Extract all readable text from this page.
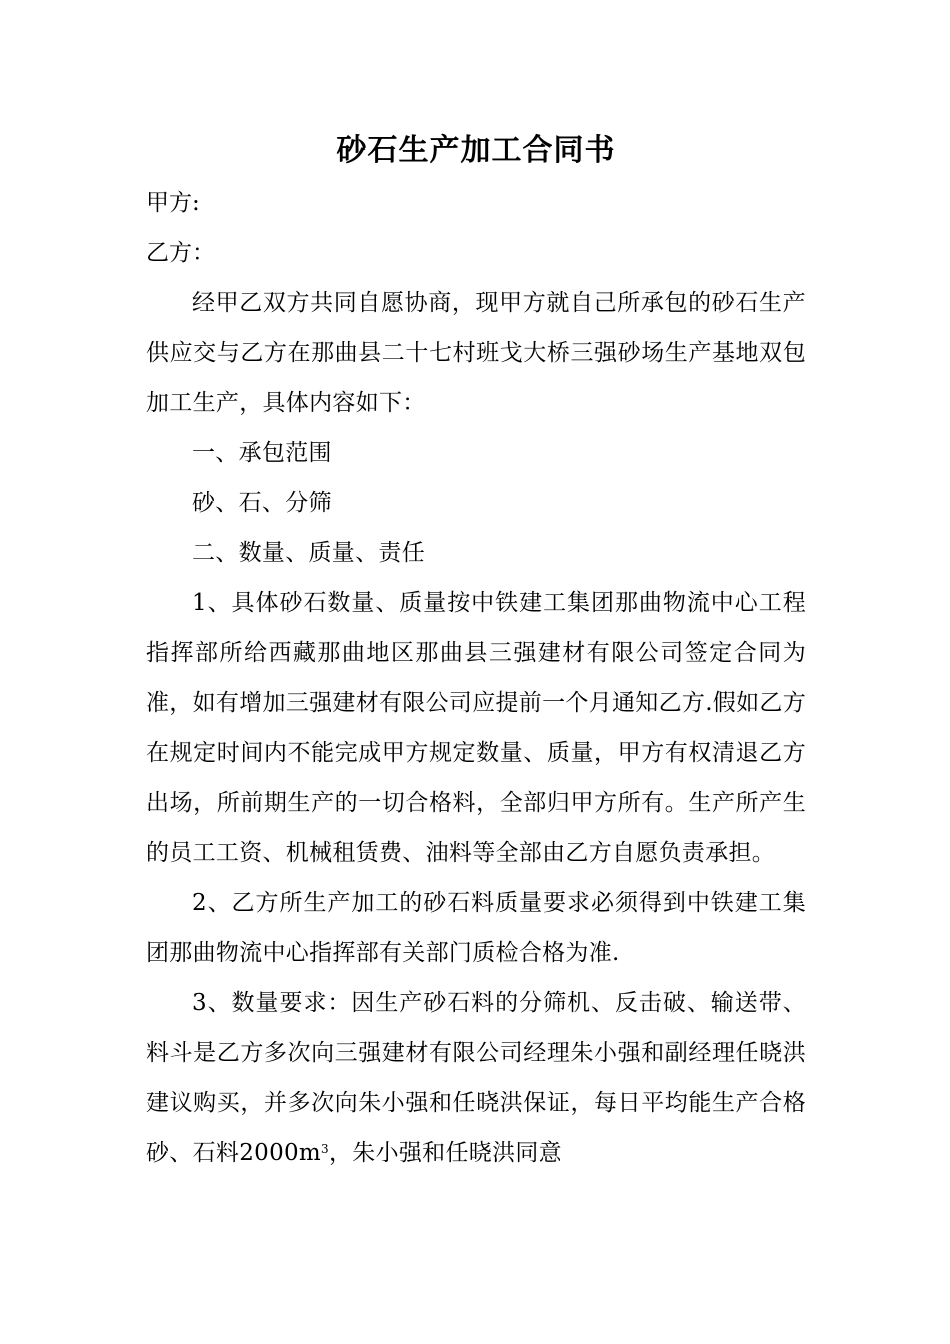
砂石生产加工合同书

甲方:

乙方：

经甲乙双方共同自愿协商，现甲方就自己所承包的砂石生产供应交与乙方在那曲县二十七村班戈大桥三强砂场生产基地双包加工生产，具体内容如下：

一、承包范围

砂、石、分筛

二、数量、质量、责任

1、具体砂石数量、质量按中铁建工集团那曲物流中心工程指挥部所给西藏那曲地区那曲县三强建材有限公司签定合同为准，如有增加三强建材有限公司应提前一个月通知乙方.假如乙方在规定时间内不能完成甲方规定数量、质量，甲方有权清退乙方出场，所前期生产的一切合格料，全部归甲方所有。生产所产生的员工工资、机械租赁费、油料等全部由乙方自愿负责承担。

2、乙方所生产加工的砂石料质量要求必须得到中铁建工集团那曲物流中心指挥部有关部门质检合格为准.

3、数量要求：因生产砂石料的分筛机、反击破、输送带、料斗是乙方多次向三强建材有限公司经理朱小强和副经理任晓洪建议购买，并多次向朱小强和任晓洪保证，每日平均能生产合格砂、石料$2000m^3$，朱小强和任晓洪同意
